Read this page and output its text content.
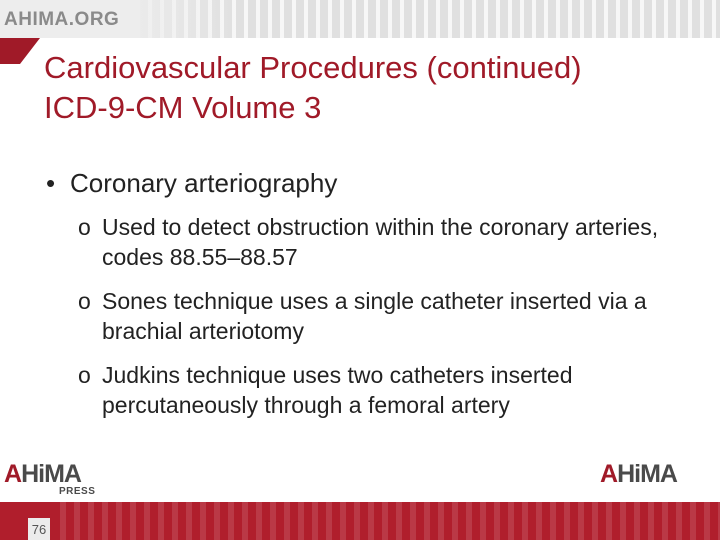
AHIMA.ORG
Cardiovascular Procedures (continued)
ICD-9-CM Volume 3
• Coronary arteriography
o Used to detect obstruction within the coronary arteries, codes 88.55–88.57
o Sones technique uses a single catheter inserted via a brachial arteriotomy
o Judkins technique uses two catheters inserted percutaneously through a femoral artery
AHiMA
PRESS
AHiMA
76
